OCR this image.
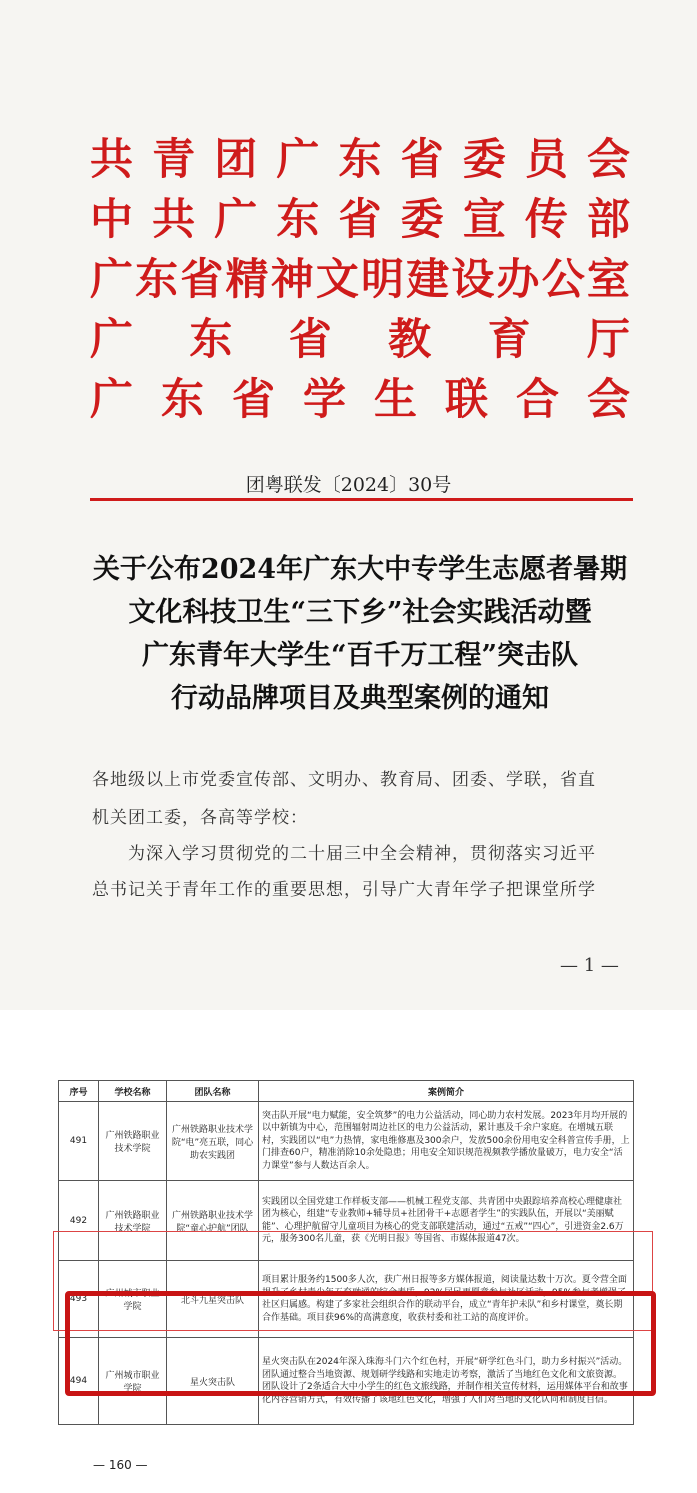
共 青 团 广 东 省 委 员 会
中 共 广 东 省 委 宣 传 部
广 东 省 精 神 文 明 建 设 办 公 室
广 东 省 教 育 厅
广 东 省 学 生 联 合 会
团粤联发〔2024〕30号
关于公布2024年广东大中专学生志愿者暑期
文化科技卫生“三下乡”社会实践活动暨
广东青年大学生“百千万工程”突击队
行动品牌项目及典型案例的通知
各地级以上市党委宣传部、文明办、教育局、团委、学联，省直
机关团工委，各高等学校：
　　为深入学习贯彻党的二十届三中全会精神，贯彻落实习近平
总书记关于青年工作的重要思想，引导广大青年学子把课堂所学
— 1 —
序号	学校名称	团队名称	案例简介
491	广州铁路职业技术学院	广州铁路职业技术学院“电”亮五联，同心助农实践团	突击队开展“电力赋能，安全筑梦”的电力公益活动，同心助力农村发展。2023年月均开展的以中新镇为中心，范围辐射周边社区的电力公益活动，累计惠及千余户家庭。在增城五联村，实践团以“电”力热情，家电维修惠及300余户，发放500余份用电安全科普宣传手册，上门排查60户，精准消除10余处隐患；用电安全知识规范视频教学播放量破万，电力安全“活力课堂”参与人数达百余人。
492	广州铁路职业技术学院	广州铁路职业技术学院“童心护航”团队	实践团以全国党建工作样板支部——机械工程党支部、共青团中央跟踪培养高校心理健康社团为核心，组建“专业教师+辅导员+社团骨干+志愿者学生”的实践队伍，开展以“美丽赋能”、心理护航留守儿童项目为核心的党支部联建活动，通过“五戒”“四心”，引进资金2.6万元，服务300名儿童，获《光明日报》等国省、市媒体报道47次。
493	广州城市职业学院	北斗九星突击队	项目累计服务约1500多人次，获广州日报等多方媒体报道，阅读量达数十万次。夏令营全面提升了乡村青少年五育融通的综合素质，92%居民更愿意参与社区活动，95%参与者增强了社区归属感。构建了多家社会组织合作的联动平台，成立“青年护未队”和乡村课堂，奠长期合作基础。项目获96%的高满意度，收获村委和社工站的高度评价。
494	广州城市职业学院	星火突击队	星火突击队在2024年深入珠海斗门六个红色村，开展“研学红色斗门，助力乡村振兴”活动。团队通过整合当地资源、规划研学线路和实地走访考察，激活了当地红色文化和文旅资源。团队设计了2条适合大中小学生的红色文旅线路，并制作相关宣传材料，运用媒体平台和故事化内容营销方式，有效传播了该地红色文化，增强了人们对当地的文化认同和制度自信。
— 160 —
